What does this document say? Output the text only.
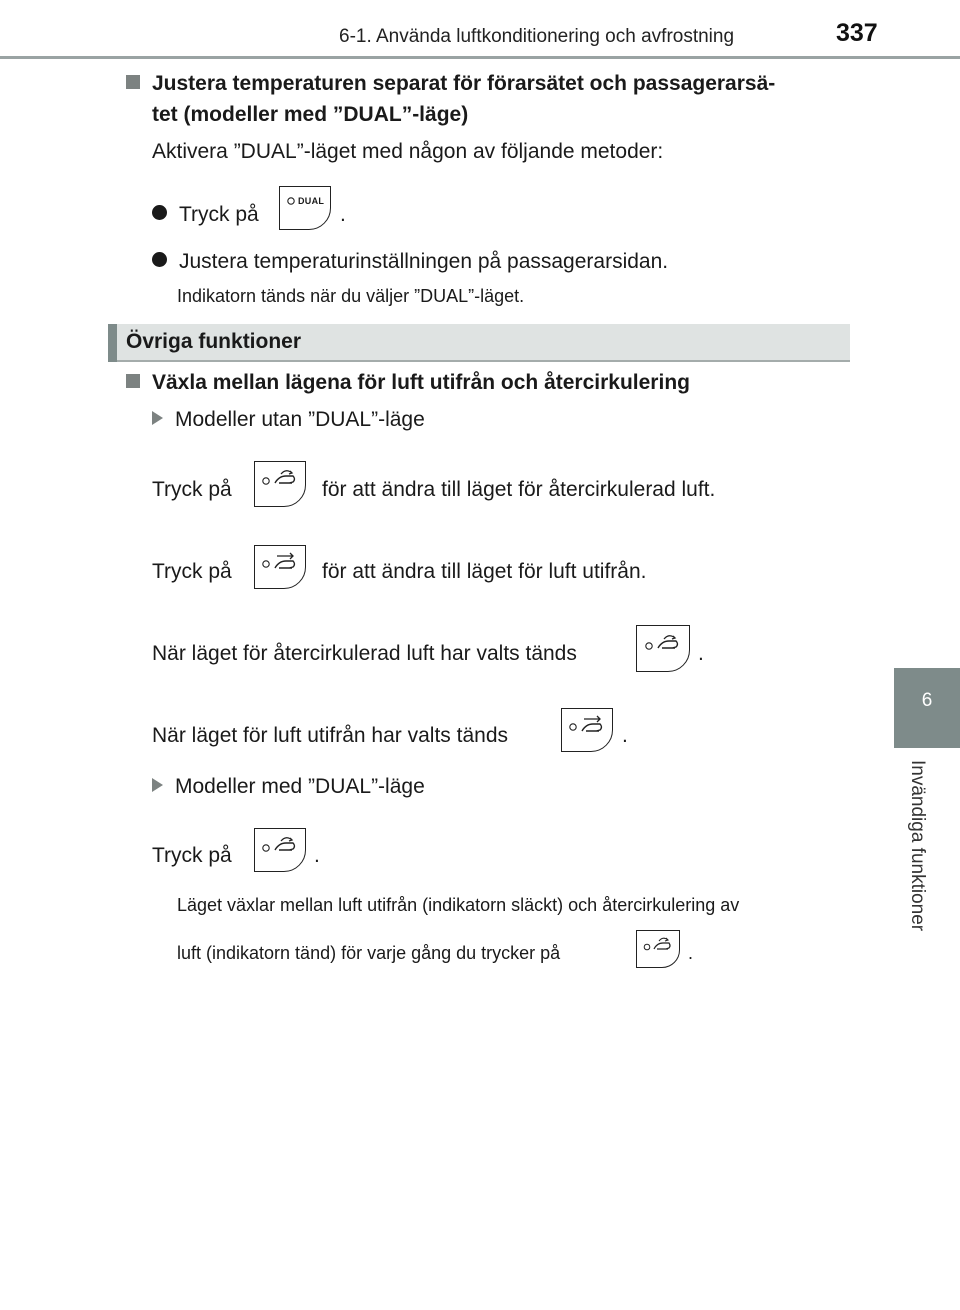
6-1. Använda luftkonditionering och avfrostning	337
6
Invändiga funktioner
Justera temperaturen separat för förarsätet och passagerarsä-
tet (modeller med ”DUAL”-läge)
Aktivera ”DUAL”-läget med någon av följande metoder:
Tryck på
DUAL
.
Justera temperaturinställningen på passagerarsidan.
Indikatorn tänds när du väljer ”DUAL”-läget.
Övriga funktioner
Växla mellan lägena för luft utifrån och återcirkulering
Modeller utan ”DUAL”-läge
Tryck på	för att ändra till läget för återcirkulerad luft.
Tryck på	för att ändra till läget för luft utifrån.
När läget för återcirkulerad luft har valts tänds	.
När läget för luft utifrån har valts tänds	.
Modeller med ”DUAL”-läge
Tryck på	.
Läget växlar mellan luft utifrån (indikatorn släckt) och återcirkulering av
luft (indikatorn tänd) för varje gång du trycker på	.
